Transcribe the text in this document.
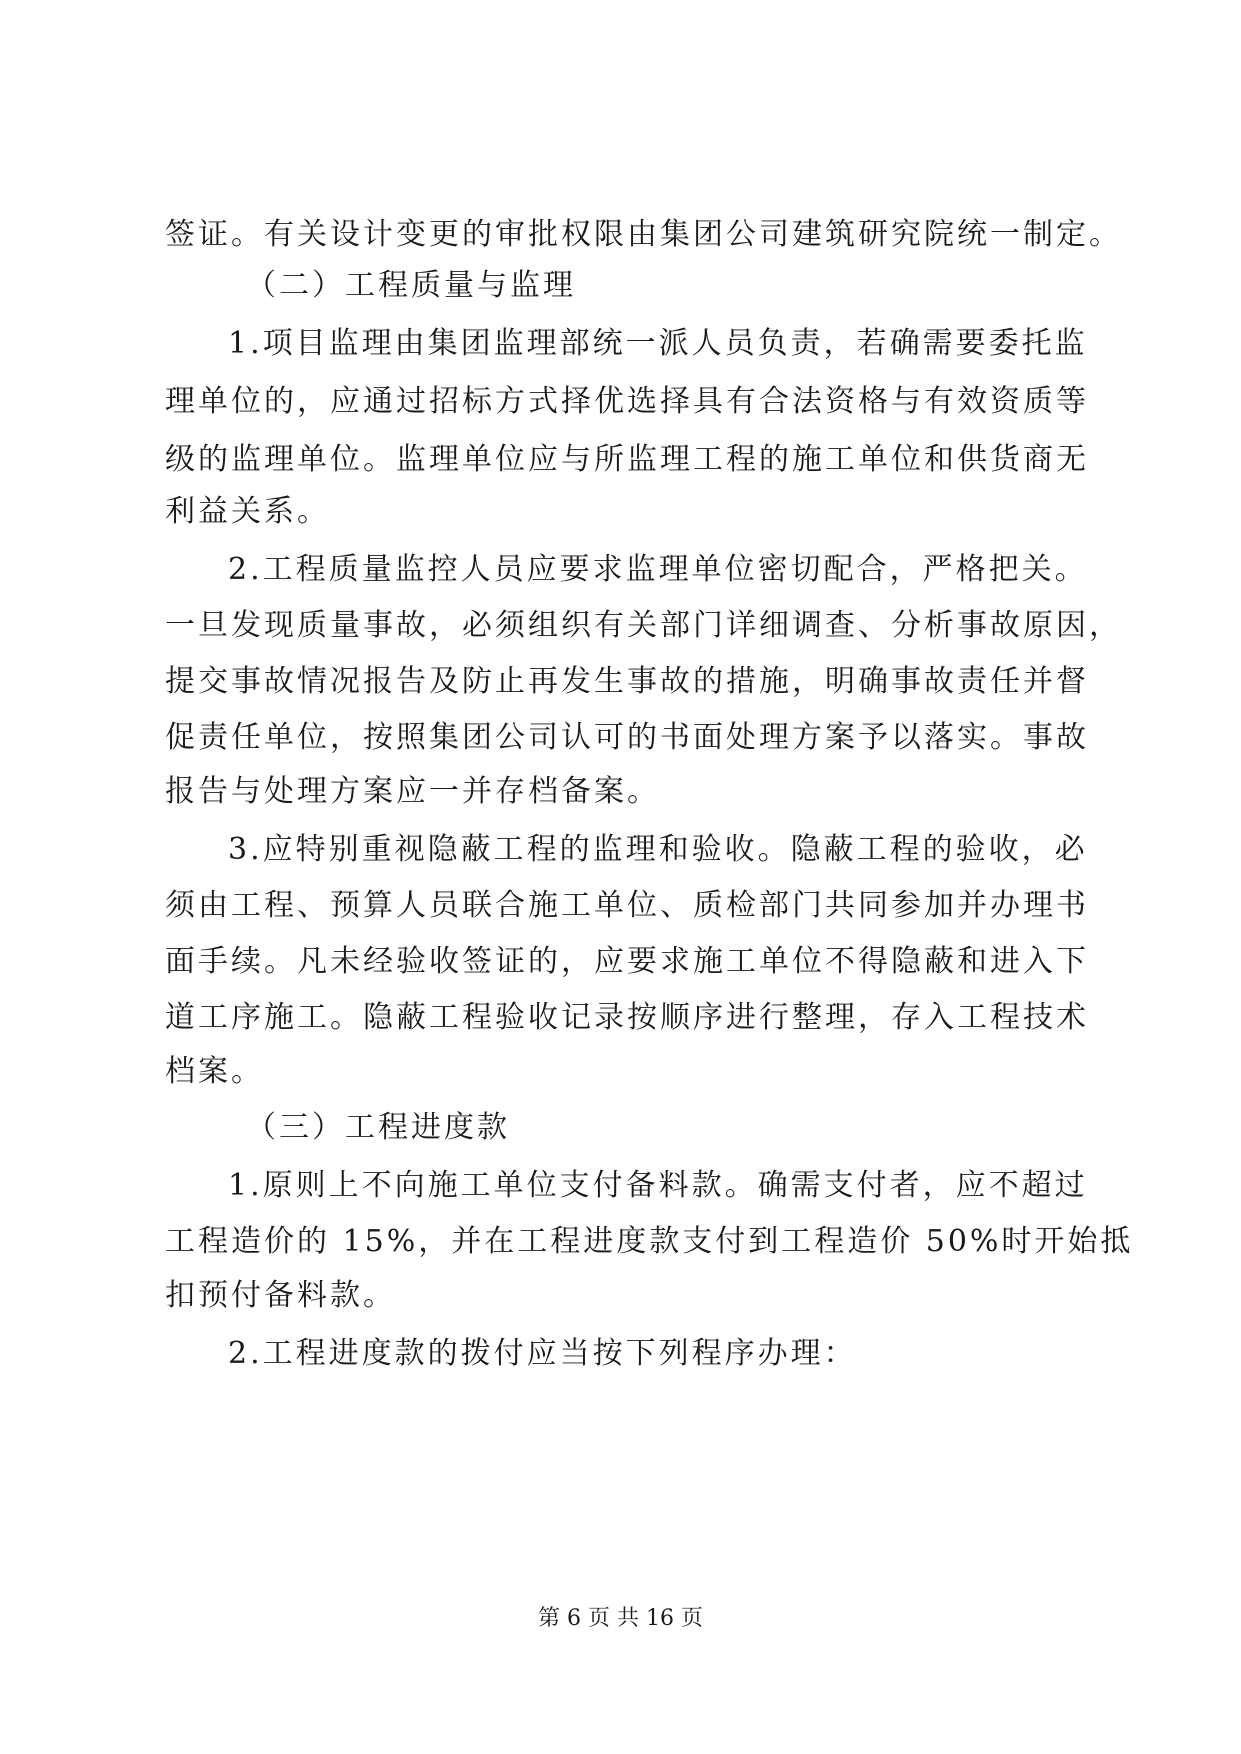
签证。有关设计变更的审批权限由集团公司建筑研究院统一制定。
（二）工程质量与监理
1.项目监理由集团监理部统一派人员负责，若确需要委托监
理单位的，应通过招标方式择优选择具有合法资格与有效资质等
级的监理单位。监理单位应与所监理工程的施工单位和供货商无
利益关系。
2.工程质量监控人员应要求监理单位密切配合，严格把关。
一旦发现质量事故，必须组织有关部门详细调查、分析事故原因，
提交事故情况报告及防止再发生事故的措施，明确事故责任并督
促责任单位，按照集团公司认可的书面处理方案予以落实。事故
报告与处理方案应一并存档备案。
3.应特别重视隐蔽工程的监理和验收。隐蔽工程的验收，必
须由工程、预算人员联合施工单位、质检部门共同参加并办理书
面手续。凡未经验收签证的，应要求施工单位不得隐蔽和进入下
道工序施工。隐蔽工程验收记录按顺序进行整理，存入工程技术
档案。
（三）工程进度款
1.原则上不向施工单位支付备料款。确需支付者，应不超过
工程造价的 15%，并在工程进度款支付到工程造价 50%时开始抵
扣预付备料款。
2.工程进度款的拨付应当按下列程序办理：
第 6 页 共 16 页
